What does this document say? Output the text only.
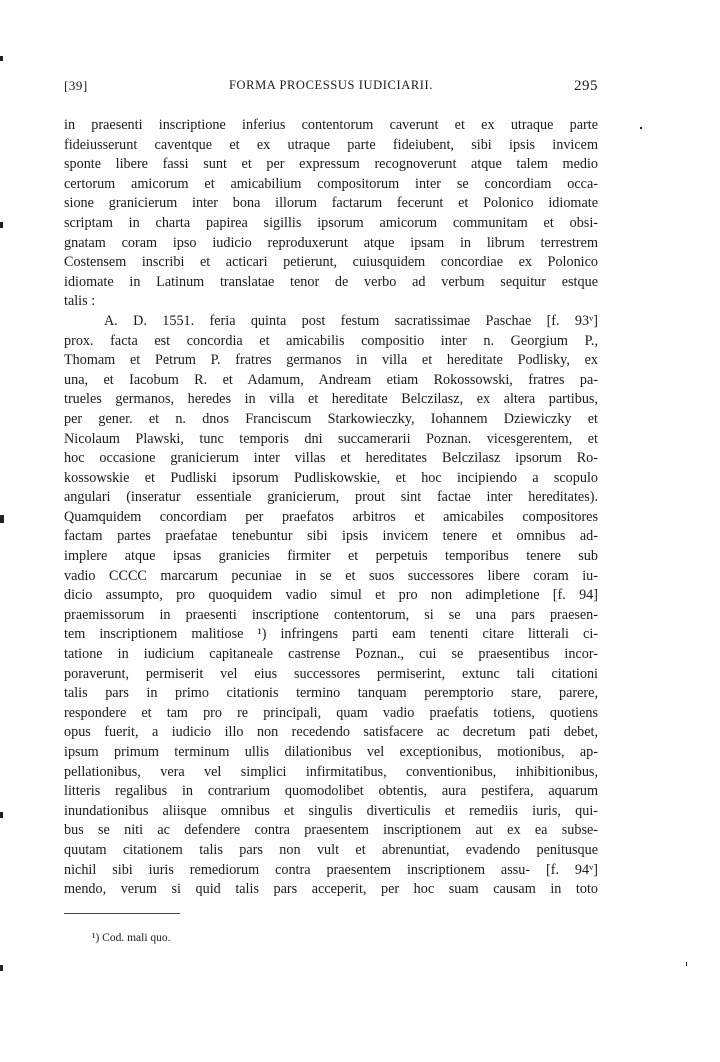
[39]	FORMA PROCESSUS IUDICIARII.	295
in praesenti inscriptione inferius contentorum caverunt et ex utraque parte
fideiusserunt caventque et ex utraque parte fideiubent, sibi ipsis invicem
sponte libere fassi sunt et per expressum recognoverunt atque talem medio
certorum amicorum et amicabilium compositorum inter se concordiam occa-
sione granicierum inter bona illorum factarum fecerunt et Polonico idiomate
scriptam in charta papirea sigillis ipsorum amicorum communitam et obsi-
gnatam coram ipso iudicio reproduxerunt atque ipsam in librum terrestrem
Costensem inscribi et acticari petierunt, cuiusquidem concordiae ex Polonico
idiomate in Latinum translatae tenor de verbo ad verbum sequitur estque
talis :
A. D. 1551. feria quinta post festum sacratissimae Paschae [f. 93ᵛ]
prox. facta est concordia et amicabilis compositio inter n. Georgium P.,
Thomam et Petrum P. fratres germanos in villa et hereditate Podlisky, ex
una, et Iacobum R. et Adamum, Andream etiam Rokossowski, fratres pa-
trueles germanos, heredes in villa et hereditate Belczilasz, ex altera partibus,
per gener. et n. dnos Franciscum Starkowieczky, Iohannem Dziewiczky et
Nicolaum Plawski, tunc temporis dni succamerarii Poznan. vicesgerentem, et
hoc occasione granicierum inter villas et hereditates Belczilasz ipsorum Ro-
kossowskie et Pudliski ipsorum Pudliskowskie, et hoc incipiendo a scopulo
angulari (inseratur essentiale granicierum, prout sint factae inter hereditates).
Quamquidem concordiam per praefatos arbitros et amicabiles compositores
factam partes praefatae tenebuntur sibi ipsis invicem tenere et omnibus ad-
implere atque ipsas granicies firmiter et perpetuis temporibus tenere sub
vadio CCCC marcarum pecuniae in se et suos successores libere coram iu-
dicio assumpto, pro quoquidem vadio simul et pro non adimpletione [f. 94]
praemissorum in praesenti inscriptione contentorum, si se una pars praesen-
tem inscriptionem malitiose ¹) infringens parti eam tenenti citare litterali ci-
tatione in iudicium capitaneale castrense Poznan., cui se praesentibus incor-
poraverunt, permiserit vel eius successores permiserint, extunc tali citationi
talis pars in primo citationis termino tanquam peremptorio stare, parere,
respondere et tam pro re principali, quam vadio praefatis totiens, quotiens
opus fuerit, a iudicio illo non recedendo satisfacere ac decretum pati debet,
ipsum primum terminum ullis dilationibus vel exceptionibus, motionibus, ap-
pellationibus, vera vel simplici infirmitatibus, conventionibus, inhibitionibus,
litteris regalibus in contrarium quomodolibet obtentis, aura pestifera, aquarum
inundationibus aliisque omnibus et singulis diverticulis et remediis iuris, qui-
bus se niti ac defendere contra praesentem inscriptionem aut ex ea subse-
quutam citationem talis pars non vult et abrenuntiat, evadendo penitusque
nichil sibi iuris remediorum contra praesentem inscriptionem assu- [f. 94ᵛ]
mendo, verum si quid talis pars acceperit, per hoc suam causam in toto
¹) Cod. mali quo.
